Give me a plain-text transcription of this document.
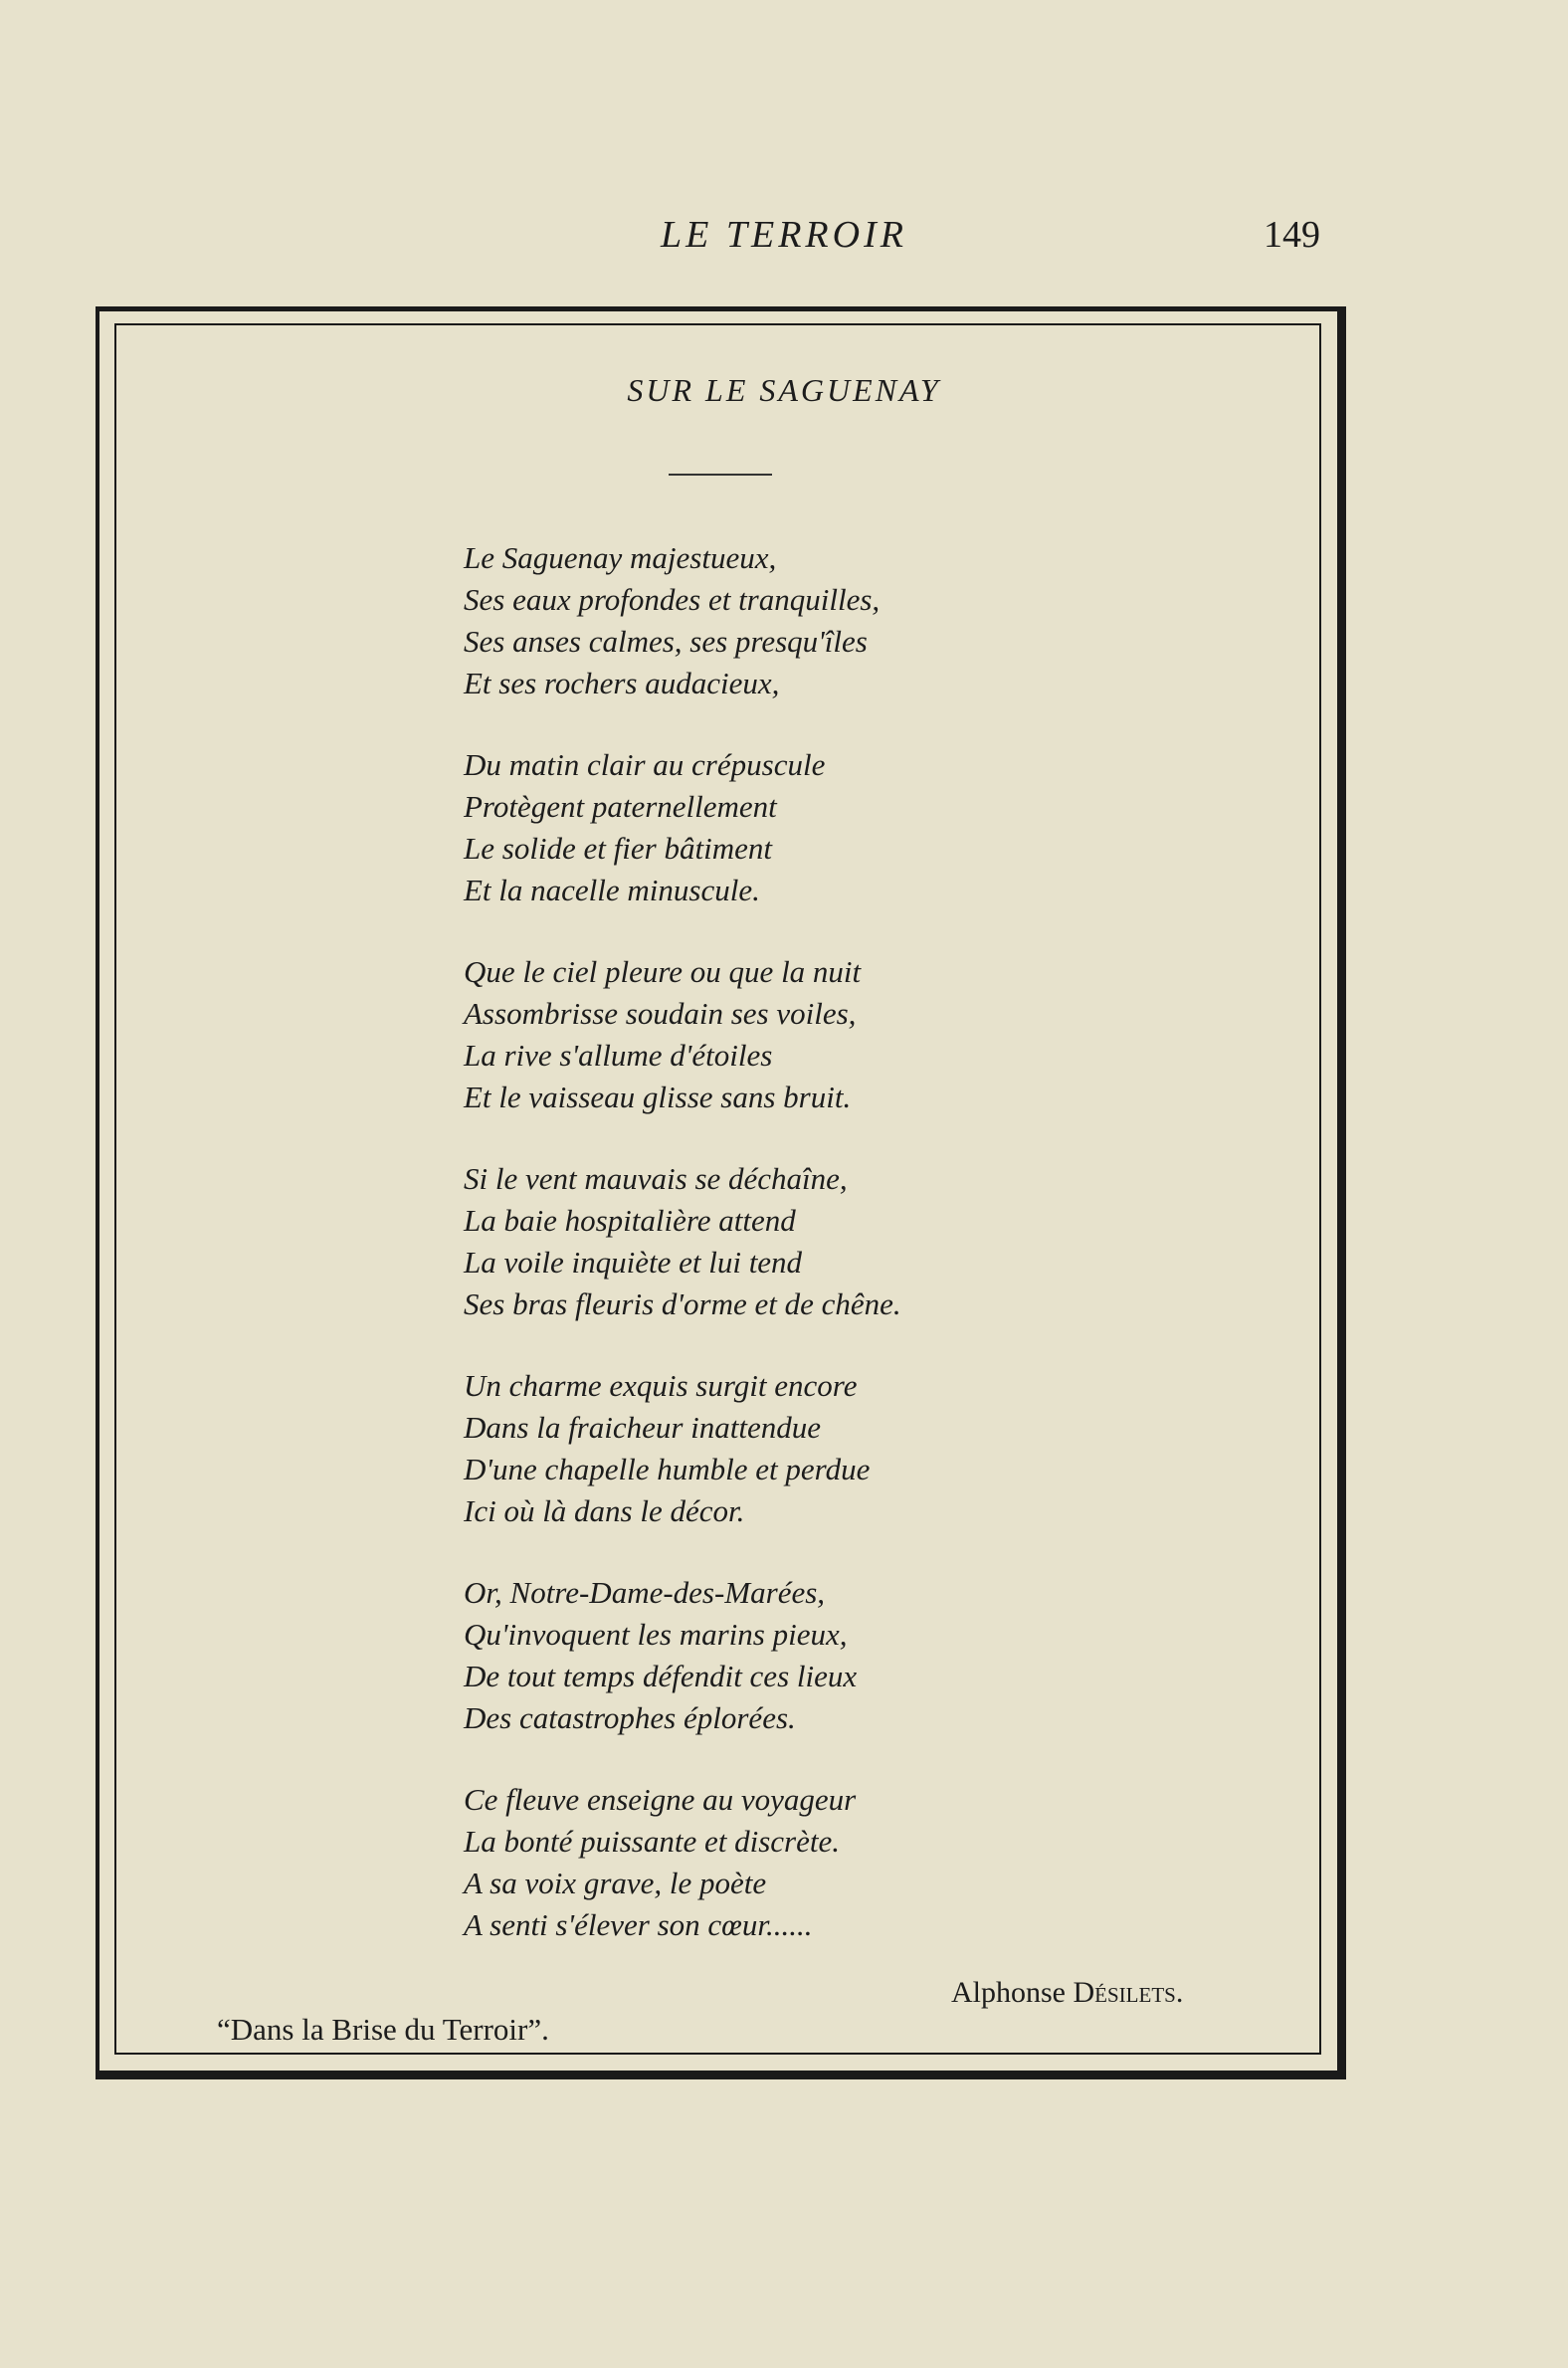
LE TERROIR	149
SUR LE SAGUENAY
Le Saguenay majestueux,
Ses eaux profondes et tranquilles,
Ses anses calmes, ses presqu'îles
Et ses rochers audacieux,
Du matin clair au crépuscule
Protègent paternellement
Le solide et fier bâtiment
Et la nacelle minuscule.
Que le ciel pleure ou que la nuit
Assombrisse soudain ses voiles,
La rive s'allume d'étoiles
Et le vaisseau glisse sans bruit.
Si le vent mauvais se déchaîne,
La baie hospitalière attend
La voile inquiète et lui tend
Ses bras fleuris d'orme et de chêne.
Un charme exquis surgit encore
Dans la fraicheur inattendue
D'une chapelle humble et perdue
Ici où là dans le décor.
Or, Notre-Dame-des-Marées,
Qu'invoquent les marins pieux,
De tout temps défendit ces lieux
Des catastrophes éplorées.
Ce fleuve enseigne au voyageur
La bonté puissante et discrète.
A sa voix grave, le poète
A senti s'élever son cœur......
Alphonse Désilets.
“Dans la Brise du Terroir”.
